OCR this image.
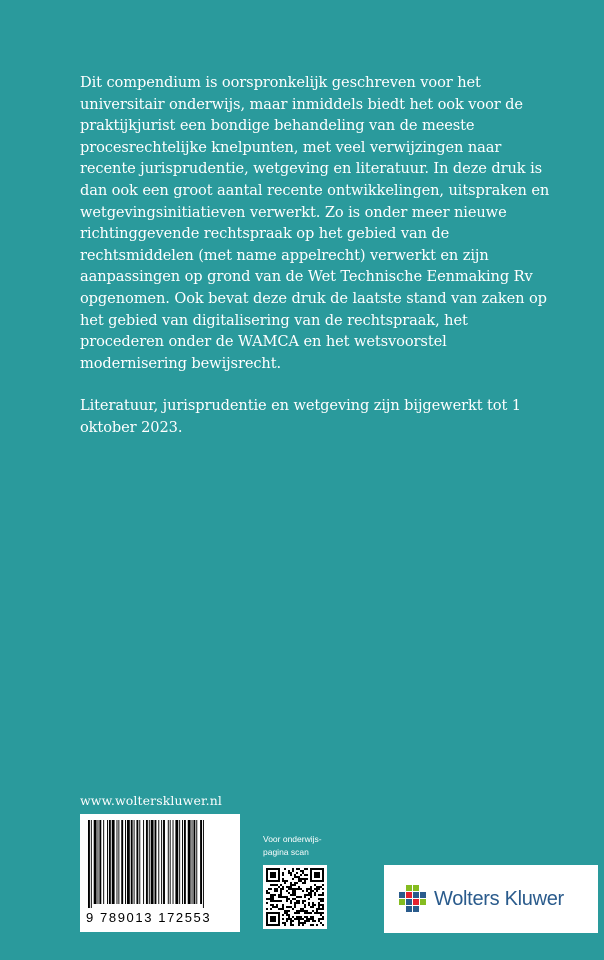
Dit compendium is oorspronkelijk geschreven voor het universitair onderwijs, maar inmiddels biedt het ook voor de praktijkjurist een bondige behandeling van de meeste procesrechtelijke knelpunten, met veel verwijzingen naar recente jurisprudentie, wetgeving en literatuur. In deze druk is dan ook een groot aantal recente ontwikkelingen, uitspraken en wetgevingsinitiatieven verwerkt. Zo is onder meer nieuwe richtinggevende rechtspraak op het gebied van de rechtsmiddelen (met name appelrecht) verwerkt en zijn aanpassingen op grond van de Wet Technische Eenmaking Rv opgenomen. Ook bevat deze druk de laatste stand van zaken op het gebied van digitalisering van de rechtspraak, het procederen onder de WAMCA en het wetsvoorstel modernisering bewijsrecht.

Literatuur, jurisprudentie en wetgeving zijn bijgewerkt tot 1 oktober 2023.

www.wolterskluwer.nl
9 789013 172553
Voor onderwijs-
pagina scan
Wolters Kluwer
